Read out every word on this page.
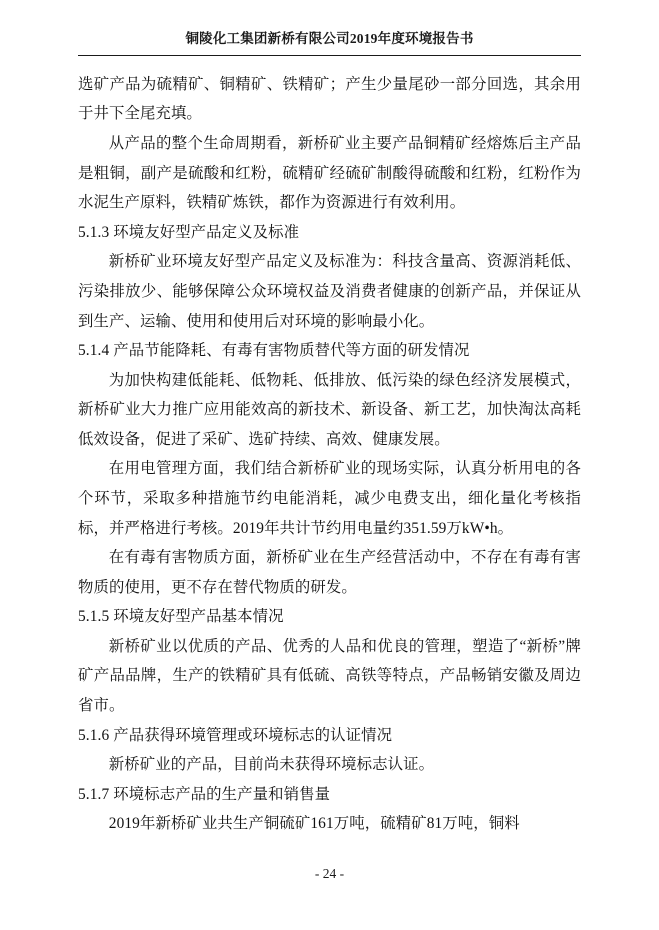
铜陵化工集团新桥有限公司2019年度环境报告书

选矿产品为硫精矿、铜精矿、铁精矿；产生少量尾砂一部分回选，其余用于井下全尾充填。

从产品的整个生命周期看，新桥矿业主要产品铜精矿经熔炼后主产品是粗铜，副产是硫酸和红粉，硫精矿经硫矿制酸得硫酸和红粉，红粉作为水泥生产原料，铁精矿炼铁，都作为资源进行有效利用。

5.1.3 环境友好型产品定义及标准

新桥矿业环境友好型产品定义及标准为：科技含量高、资源消耗低、污染排放少、能够保障公众环境权益及消费者健康的创新产品，并保证从到生产、运输、使用和使用后对环境的影响最小化。

5.1.4 产品节能降耗、有毒有害物质替代等方面的研发情况

为加快构建低能耗、低物耗、低排放、低污染的绿色经济发展模式，新桥矿业大力推广应用能效高的新技术、新设备、新工艺，加快淘汰高耗低效设备，促进了采矿、选矿持续、高效、健康发展。

在用电管理方面，我们结合新桥矿业的现场实际，认真分析用电的各个环节，采取多种措施节约电能消耗，减少电费支出，细化量化考核指标，并严格进行考核。2019年共计节约用电量约351.59万kW•h。

在有毒有害物质方面，新桥矿业在生产经营活动中，不存在有毒有害物质的使用，更不存在替代物质的研发。

5.1.5 环境友好型产品基本情况

新桥矿业以优质的产品、优秀的人品和优良的管理，塑造了“新桥”牌矿产品品牌，生产的铁精矿具有低硫、高铁等特点，产品畅销安徽及周边省市。

5.1.6 产品获得环境管理或环境标志的认证情况

新桥矿业的产品，目前尚未获得环境标志认证。

5.1.7 环境标志产品的生产量和销售量

2019年新桥矿业共生产铜硫矿161万吨，硫精矿81万吨，铜料

- 24 -
